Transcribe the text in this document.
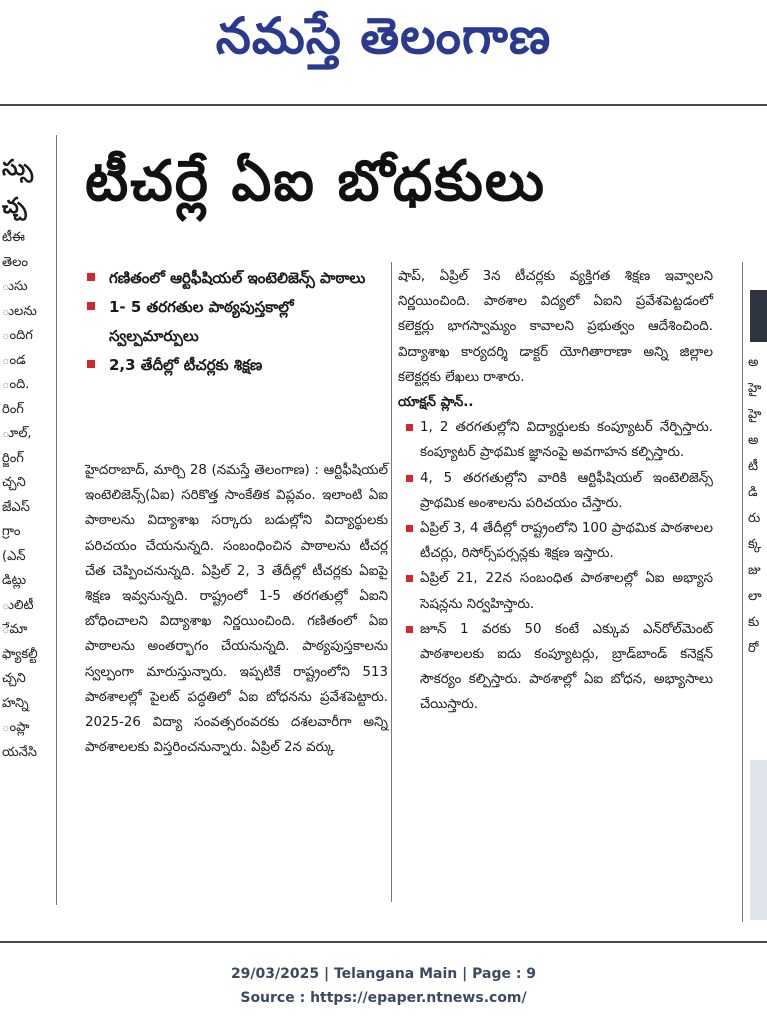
నమస్తే తెలంగాణ
స్సు
చ్చ
టీఈ
తెలం
ుసు
ులను
ందిగ
ండ
ంది.
రింగ్
ూల్,
ర్జింగ్
చ్చని
జేఎస్
గ్రాం
(ఎన్
డిట్లు
ులిటీ
ేమా
ఫ్యాకల్టీ
చ్చని
హన్ని
ంప్లా
యనేసి
టీచర్లే ఏఐ బోధకులు
గణితంలో ఆర్టిఫీషియల్ ఇంటెలిజెన్స్ పాఠాలు
1- 5 తరగతుల పాఠ్యపుస్తకాల్లో స్వల్పమార్పులు
2,3 తేదీల్లో టీచర్లకు శిక్షణ
హైదరాబాద్, మార్చి 28 (నమస్తే తెలంగాణ) : ఆర్టిఫీషియల్ ఇంటెలిజెన్స్(ఏఐ) సరికొత్త సాంకేతిక విప్లవం. ఇలాంటి ఏఐ పాఠాలను విద్యాశాఖ సర్కారు బడుల్లోని విద్యార్థులకు పరిచయం చేయనున్నది. సంబంధించిన పాఠాలను టీచర్ల చేత చెప్పించనున్నది. ఏప్రిల్ 2, 3 తేదీల్లో టీచర్లకు ఏఐపై శిక్షణ ఇవ్వనున్నది. రాష్ట్రంలో 1-5 తరగతుల్లో ఏఐని బోధించాలని విద్యాశాఖ నిర్ణయించింది. గణితంలో ఏఐ పాఠాలను అంతర్భాగం చేయనున్నది. పాఠ్యపుస్తకాలను స్వల్పంగా మారుస్తున్నారు. ఇప్పటికే రాష్ట్రంలోని 513 పాఠశాలల్లో పైలట్ పద్ధతిలో ఏఐ బోధనను ప్రవేశపెట్టారు. 2025-26 విద్యా సంవత్సరంవరకు దశలవారీగా అన్ని పాఠశాలలకు విస్తరించనున్నారు. ఏప్రిల్ 2న వర్కు
షాప్, ఏప్రిల్ 3న టీచర్లకు వ్యక్తిగత శిక్షణ ఇవ్వాలని నిర్ణయించింది. పాఠశాల విద్యలో ఏఐని ప్రవేశపెట్టడంలో కలెక్టర్లు భాగస్వామ్యం కావాలని ప్రభుత్వం ఆదేశించింది. విద్యాశాఖ కార్యదర్శి డాక్టర్ యోగితారాణా అన్ని జిల్లాల కలెక్టర్లకు లేఖలు రాశారు.
యాక్షన్ ప్లాన్..
1, 2 తరగతుల్లోని విద్యార్థులకు కంప్యూటర్ నేర్పిస్తారు. కంప్యూటర్ ప్రాథమిక జ్ఞానంపై అవగాహన కల్పిస్తారు.
4, 5 తరగతుల్లోని వారికి ఆర్టిఫీషియల్ ఇంటెలిజెన్స్ ప్రాథమిక అంశాలను పరిచయం చేస్తారు.
ఏప్రిల్ 3, 4 తేదీల్లో రాష్ట్రంలోని 100 ప్రాథమిక పాఠశాలల టీచర్లు, రిసోర్స్‌పర్సన్లకు శిక్షణ ఇస్తారు.
ఏప్రిల్ 21, 22న సంబంధిత పాఠశాలల్లో ఏఐ అభ్యాస సెషన్లను నిర్వహిస్తారు.
జూన్ 1 వరకు 50 కంటే ఎక్కువ ఎన్‌రోల్‌మెంట్ పాఠశాలలకు ఐదు కంప్యూటర్లు, బ్రాడ్‌బాండ్ కనెక్షన్ సౌకర్యం కల్పిస్తారు. పాఠశాల్లో ఏఐ బోధన, అభ్యాసాలు చేయిస్తారు.
అ
హై
హై
అ
టీ
డి
రు
క్క
జు
లా
కు
రో
29/03/2025 | Telangana Main | Page : 9
Source : https://epaper.ntnews.com/
